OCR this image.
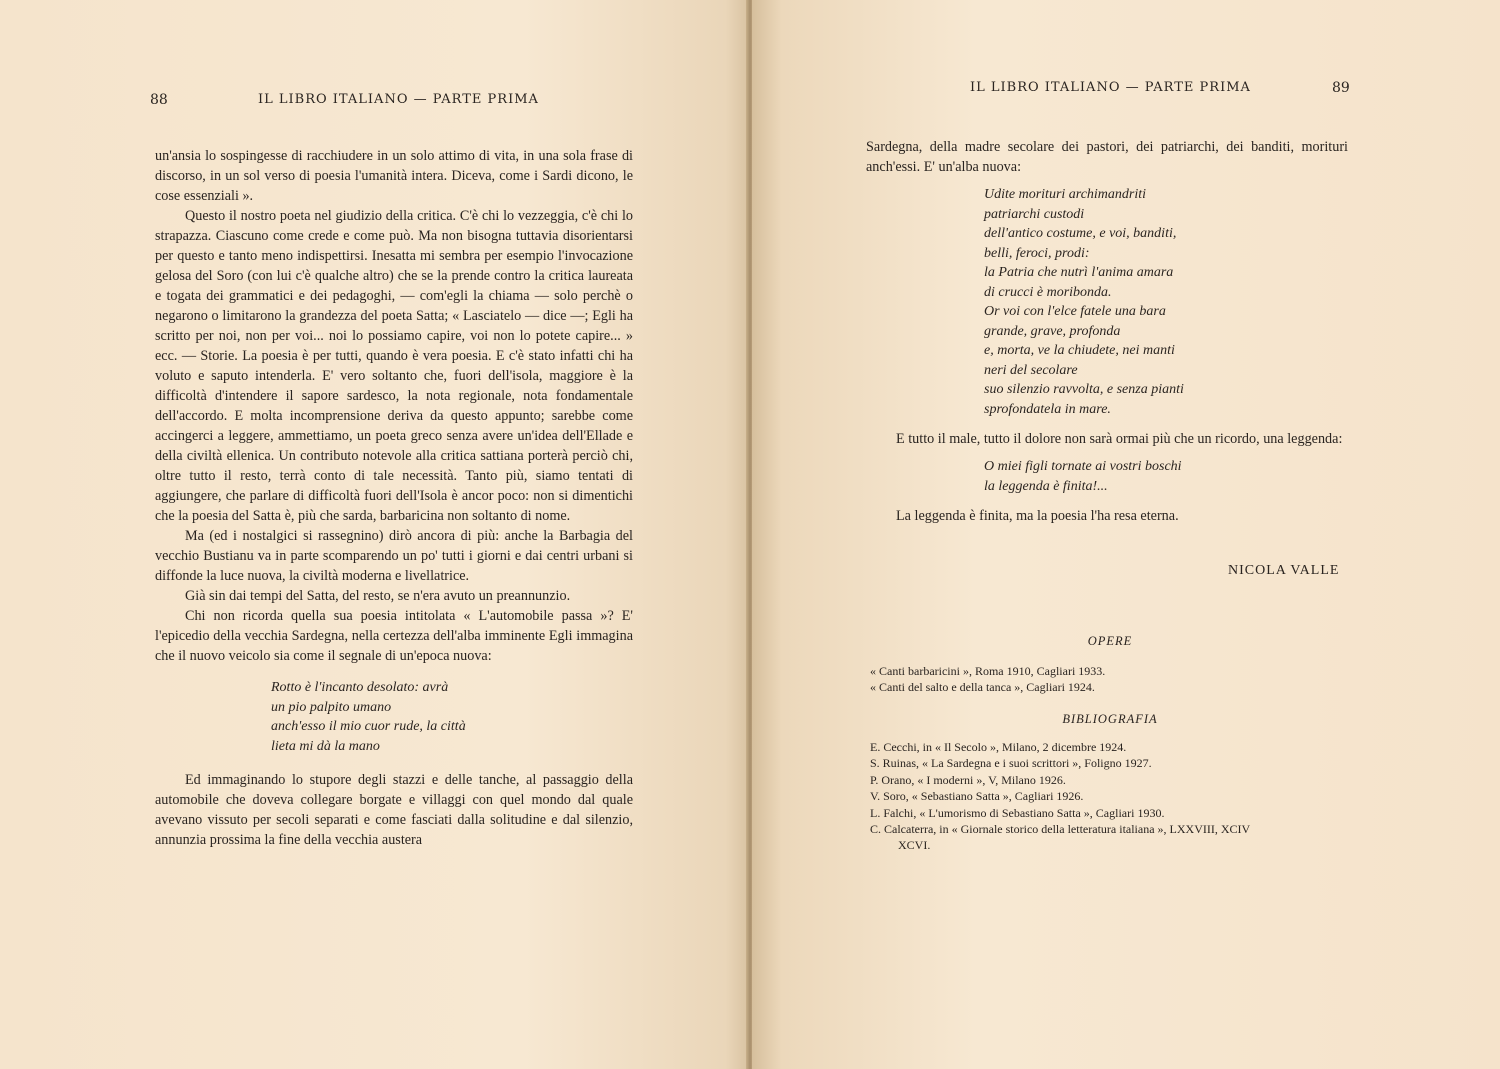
88	IL LIBRO ITALIANO — PARTE PRIMA

un'ansia lo sospingesse di racchiudere in un solo attimo di vita, in una sola frase di discorso, in un sol verso di poesia l'umanità intera. Diceva, come i Sardi dicono, le cose essenziali ».

Questo il nostro poeta nel giudizio della critica. C'è chi lo vezzeggia, c'è chi lo strapazza. Ciascuno come crede e come può. Ma non bisogna tuttavia disorientarsi per questo e tanto meno indispettirsi. Inesatta mi sembra per esempio l'invocazione gelosa del Soro (con lui c'è qualche altro) che se la prende contro la critica laureata e togata dei grammatici e dei pedagoghi, — com'egli la chiama — solo perchè o negarono o limitarono la grandezza del poeta Satta; « Lasciatelo — dice —; Egli ha scritto per noi, non per voi... noi lo possiamo capire, voi non lo potete capire... » ecc. — Storie. La poesia è per tutti, quando è vera poesia. E c'è stato infatti chi ha voluto e saputo intenderla. E' vero soltanto che, fuori dell'isola, maggiore è la difficoltà d'intendere il sapore sardesco, la nota regionale, nota fondamentale dell'accordo. E molta incomprensione deriva da questo appunto; sarebbe come accingerci a leggere, ammettiamo, un poeta greco senza avere un'idea dell'Ellade e della civiltà ellenica. Un contributo notevole alla critica sattiana porterà perciò chi, oltre tutto il resto, terrà conto di tale necessità. Tanto più, siamo tentati di aggiungere, che parlare di difficoltà fuori dell'Isola è ancor poco: non si dimentichi che la poesia del Satta è, più che sarda, barbaricina non soltanto di nome.

Ma (ed i nostalgici si rassegnino) dirò ancora di più: anche la Barbagia del vecchio Bustianu va in parte scomparendo un po' tutti i giorni e dai centri urbani si diffonde la luce nuova, la civiltà moderna e livellatrice.

Già sin dai tempi del Satta, del resto, se n'era avuto un preannunzio.

Chi non ricorda quella sua poesia intitolata « L'automobile passa »? E' l'epicedio della vecchia Sardegna, nella certezza dell'alba imminente Egli immagina che il nuovo veicolo sia come il segnale di un'epoca nuova:

Rotto è l'incanto desolato: avrà
un pio palpito umano
anch'esso il mio cuor rude, la città
lieta mi dà la mano

Ed immaginando lo stupore degli stazzi e delle tanche, al passaggio della automobile che doveva collegare borgate e villaggi con quel mondo dal quale avevano vissuto per secoli separati e come fasciati dalla solitudine e dal silenzio, annunzia prossima la fine della vecchia austera

IL LIBRO ITALIANO — PARTE PRIMA	89

Sardegna, della madre secolare dei pastori, dei patriarchi, dei banditi, morituri anch'essi. E' un'alba nuova:

Udite morituri archimandriti
patriarchi custodi
dell'antico costume, e voi, banditi,
belli, feroci, prodi:
la Patria che nutrì l'anima amara
di crucci è moribonda.
Or voi con l'elce fatele una bara
grande, grave, profonda
e, morta, ve la chiudete, nei manti
neri del secolare
suo silenzio ravvolta, e senza pianti
sprofondatela in mare.

E tutto il male, tutto il dolore non sarà ormai più che un ricordo, una leggenda:

O miei figli tornate ai vostri boschi
la leggenda è finita!...

La leggenda è finita, ma la poesia l'ha resa eterna.

NICOLA VALLE
OPERE
« Canti barbaricini », Roma 1910, Cagliari 1933.
« Canti del salto e della tanca », Cagliari 1924.
BIBLIOGRAFIA
E. Cecchi, in « Il Secolo », Milano, 2 dicembre 1924.
S. Ruinas, « La Sardegna e i suoi scrittori », Foligno 1927.
P. Orano, « I moderni », V, Milano 1926.
V. Soro, « Sebastiano Satta », Cagliari 1926.
L. Falchi, « L'umorismo di Sebastiano Satta », Cagliari 1930.
C. Calcaterra, in « Giornale storico della letteratura italiana », LXXVIII, XCIV
XCVI.
